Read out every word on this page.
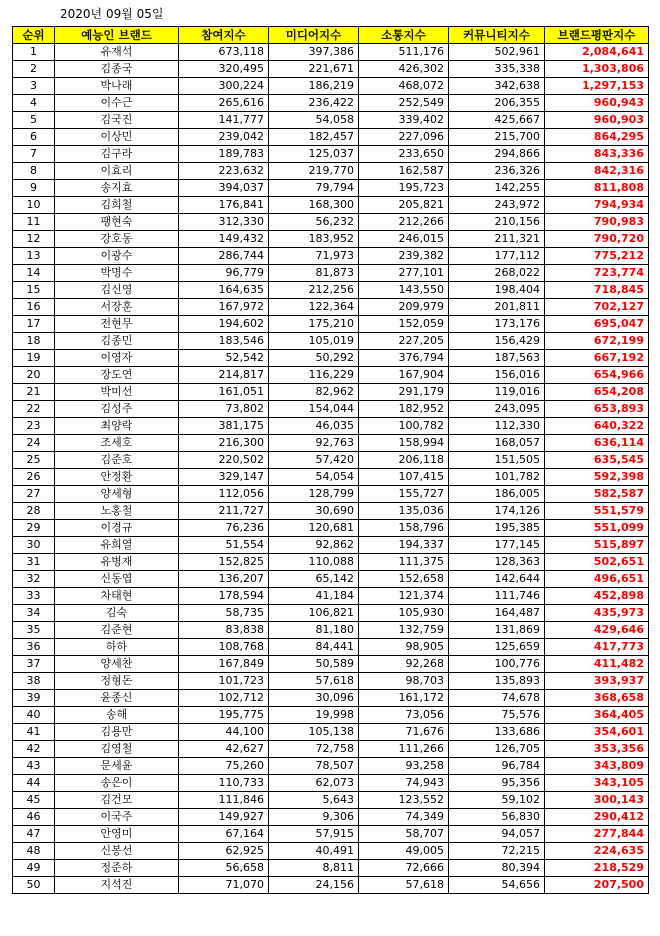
2020년 09월 05일
순위	예능인 브랜드	참여지수	미디어지수	소통지수	커뮤니티지수	브랜드평판지수
1	유재석	673,118	397,386	511,176	502,961	2,084,641
2	김종국	320,495	221,671	426,302	335,338	1,303,806
3	박나래	300,224	186,219	468,072	342,638	1,297,153
4	이수근	265,616	236,422	252,549	206,355	960,943
5	김국진	141,777	54,058	339,402	425,667	960,903
6	이상민	239,042	182,457	227,096	215,700	864,295
7	김구라	189,783	125,037	233,650	294,866	843,336
8	이효리	223,632	219,770	162,587	236,326	842,316
9	송지효	394,037	79,794	195,723	142,255	811,808
10	김희철	176,841	168,300	205,821	243,972	794,934
11	팽현숙	312,330	56,232	212,266	210,156	790,983
12	강호동	149,432	183,952	246,015	211,321	790,720
13	이광수	286,744	71,973	239,382	177,112	775,212
14	박명수	96,779	81,873	277,101	268,022	723,774
15	김신영	164,635	212,256	143,550	198,404	718,845
16	서장훈	167,972	122,364	209,979	201,811	702,127
17	전현무	194,602	175,210	152,059	173,176	695,047
18	김종민	183,546	105,019	227,205	156,429	672,199
19	이영자	52,542	50,292	376,794	187,563	667,192
20	장도연	214,817	116,229	167,904	156,016	654,966
21	박미선	161,051	82,962	291,179	119,016	654,208
22	김성주	73,802	154,044	182,952	243,095	653,893
23	최양락	381,175	46,035	100,782	112,330	640,322
24	조세호	216,300	92,763	158,994	168,057	636,114
25	김준호	220,502	57,420	206,118	151,505	635,545
26	안정환	329,147	54,054	107,415	101,782	592,398
27	양세형	112,056	128,799	155,727	186,005	582,587
28	노홍철	211,727	30,690	135,036	174,126	551,579
29	이경규	76,236	120,681	158,796	195,385	551,099
30	유희열	51,554	92,862	194,337	177,145	515,897
31	유병재	152,825	110,088	111,375	128,363	502,651
32	신동엽	136,207	65,142	152,658	142,644	496,651
33	차태현	178,594	41,184	121,374	111,746	452,898
34	김숙	58,735	106,821	105,930	164,487	435,973
35	김준현	83,838	81,180	132,759	131,869	429,646
36	하하	108,768	84,441	98,905	125,659	417,773
37	양세찬	167,849	50,589	92,268	100,776	411,482
38	정형돈	101,723	57,618	98,703	135,893	393,937
39	윤종신	102,712	30,096	161,172	74,678	368,658
40	송해	195,775	19,998	73,056	75,576	364,405
41	김용만	44,100	105,138	71,676	133,686	354,601
42	김영철	42,627	72,758	111,266	126,705	353,356
43	문세윤	75,260	78,507	93,258	96,784	343,809
44	송은이	110,733	62,073	74,943	95,356	343,105
45	김건모	111,846	5,643	123,552	59,102	300,143
46	이국주	149,927	9,306	74,349	56,830	290,412
47	안영미	67,164	57,915	58,707	94,057	277,844
48	신봉선	62,925	40,491	49,005	72,215	224,635
49	정준하	56,658	8,811	72,666	80,394	218,529
50	지석진	71,070	24,156	57,618	54,656	207,500
